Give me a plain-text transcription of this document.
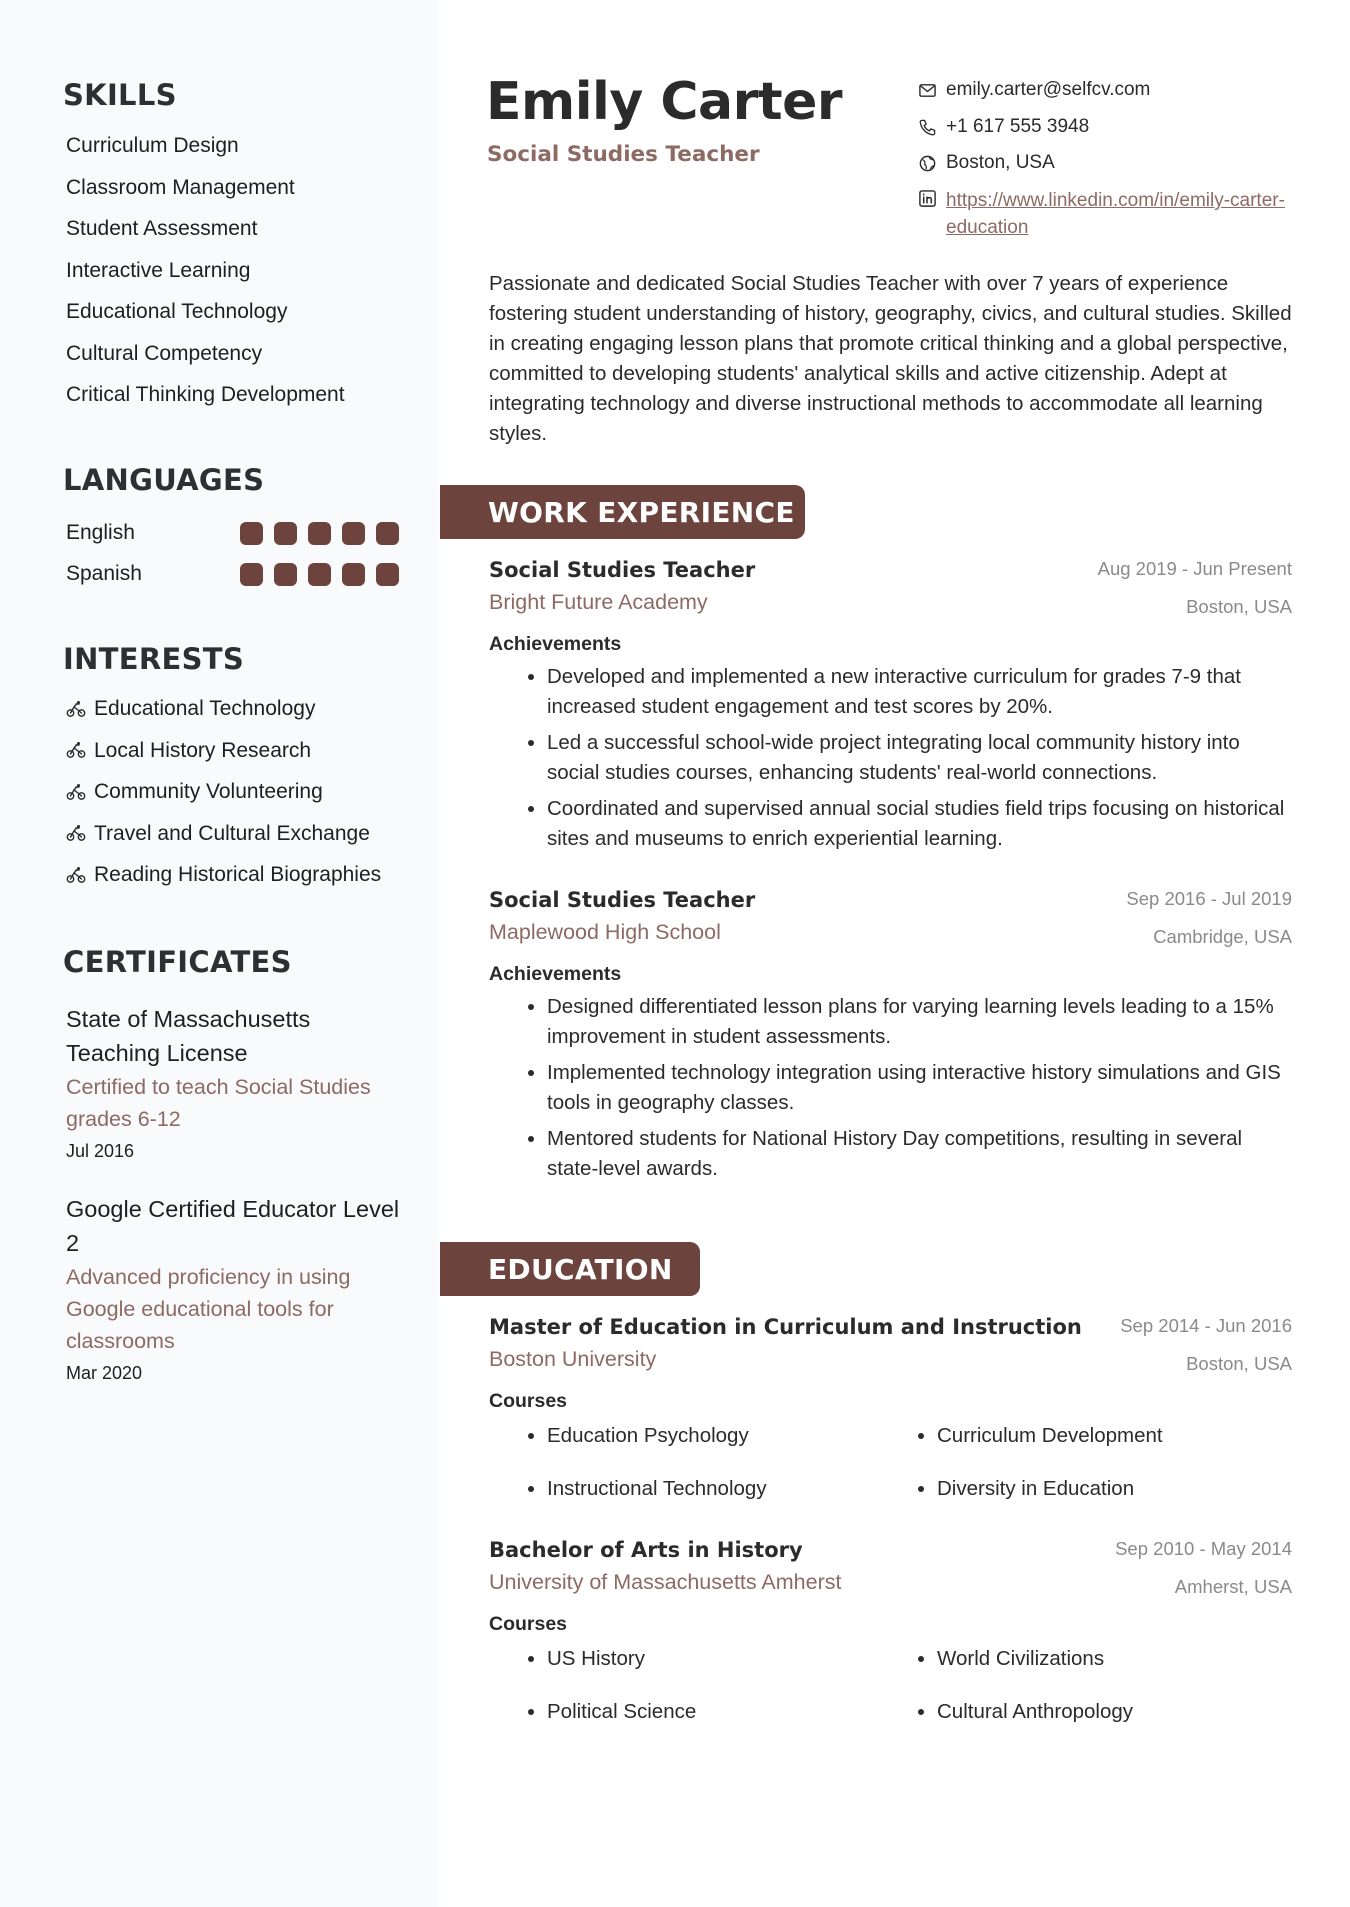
SKILLS
Curriculum Design
Classroom Management
Student Assessment
Interactive Learning
Educational Technology
Cultural Competency
Critical Thinking Development
LANGUAGES
English
Spanish
INTERESTS
Educational Technology
Local History Research
Community Volunteering
Travel and Cultural Exchange
Reading Historical Biographies
CERTIFICATES
State of Massachusetts Teaching License
Certified to teach Social Studies grades 6-12
Jul 2016
Google Certified Educator Level 2
Advanced proficiency in using Google educational tools for classrooms
Mar 2020
Emily Carter
Social Studies Teacher
emily.carter@selfcv.com
+1 617 555 3948
Boston, USA
https://www.linkedin.com/in/emily-carter-education

Passionate and dedicated Social Studies Teacher with over 7 years of experience fostering student understanding of history, geography, civics, and cultural studies. Skilled in creating engaging lesson plans that promote critical thinking and a global perspective, committed to developing students' analytical skills and active citizenship. Adept at integrating technology and diverse instructional methods to accommodate all learning styles.

WORK EXPERIENCE
Social Studies Teacher	Aug 2019 - Jun Present
Bright Future Academy	Boston, USA
Achievements
• Developed and implemented a new interactive curriculum for grades 7-9 that increased student engagement and test scores by 20%.
• Led a successful school-wide project integrating local community history into social studies courses, enhancing students' real-world connections.
• Coordinated and supervised annual social studies field trips focusing on historical sites and museums to enrich experiential learning.
Social Studies Teacher	Sep 2016 - Jul 2019
Maplewood High School	Cambridge, USA
Achievements
• Designed differentiated lesson plans for varying learning levels leading to a 15% improvement in student assessments.
• Implemented technology integration using interactive history simulations and GIS tools in geography classes.
• Mentored students for National History Day competitions, resulting in several state-level awards.
EDUCATION
Master of Education in Curriculum and Instruction	Sep 2014 - Jun 2016
Boston University	Boston, USA
Courses
• Education Psychology	• Curriculum Development
• Instructional Technology	• Diversity in Education
Bachelor of Arts in History	Sep 2010 - May 2014
University of Massachusetts Amherst	Amherst, USA
Courses
• US History	• World Civilizations
• Political Science	• Cultural Anthropology
